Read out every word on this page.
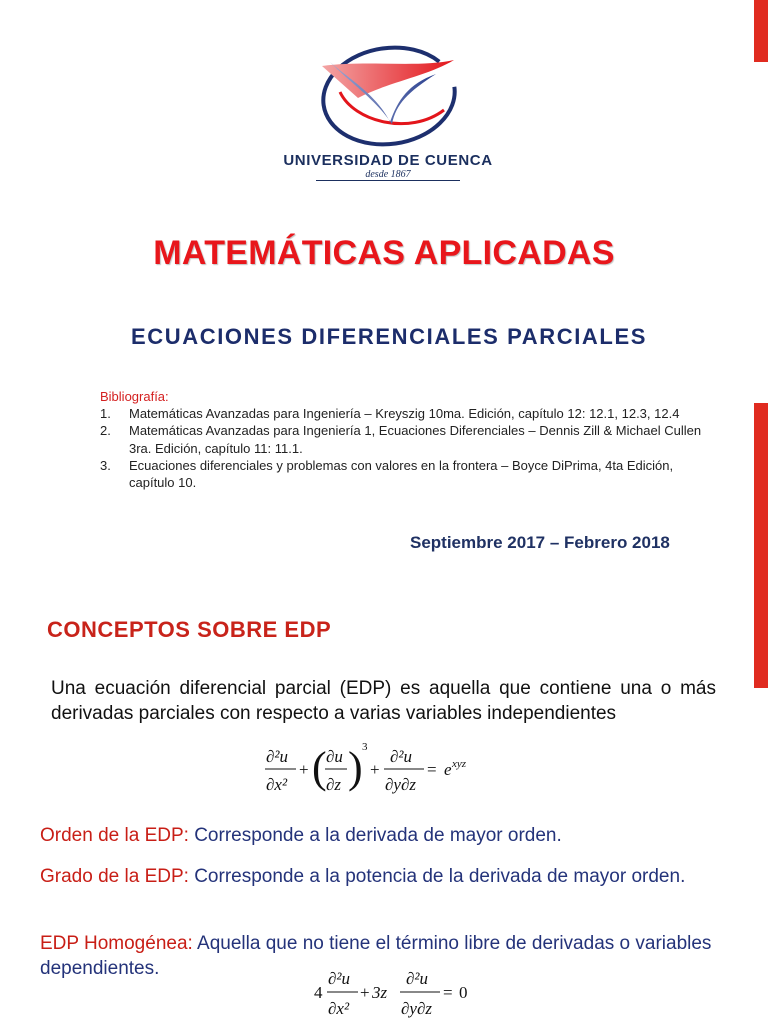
UNIVERSIDAD DE CUENCA
desde 1867
MATEMÁTICAS APLICADAS
ECUACIONES DIFERENCIALES PARCIALES
Bibliografía:
1. Matemáticas Avanzadas para Ingeniería – Kreyszig 10ma. Edición, capítulo 12: 12.1, 12.3, 12.4
2. Matemáticas Avanzadas para Ingeniería 1, Ecuaciones Diferenciales – Dennis Zill & Michael Cullen 3ra. Edición, capítulo 11: 11.1.
3. Ecuaciones diferenciales y problemas con valores en la frontera – Boyce DiPrima, 4ta Edición, capítulo 10.
Septiembre 2017 – Febrero 2018
CONCEPTOS SOBRE EDP
Una ecuación diferencial parcial (EDP) es aquella que contiene una o más derivadas parciales con respecto a varias variables independientes
∂²u
∂x²
+ ( ∂u
∂z ) 3
+
∂²u
∂y∂z
= e xyz
Orden de la EDP: Corresponde a la derivada de mayor orden.
Grado de la EDP: Corresponde a la potencia de la derivada de mayor orden.
EDP Homogénea: Aquella que no tiene el término libre de derivadas o variables dependientes.
4
∂²u
∂x²
+ 3z
∂²u
∂y∂z
= 0
